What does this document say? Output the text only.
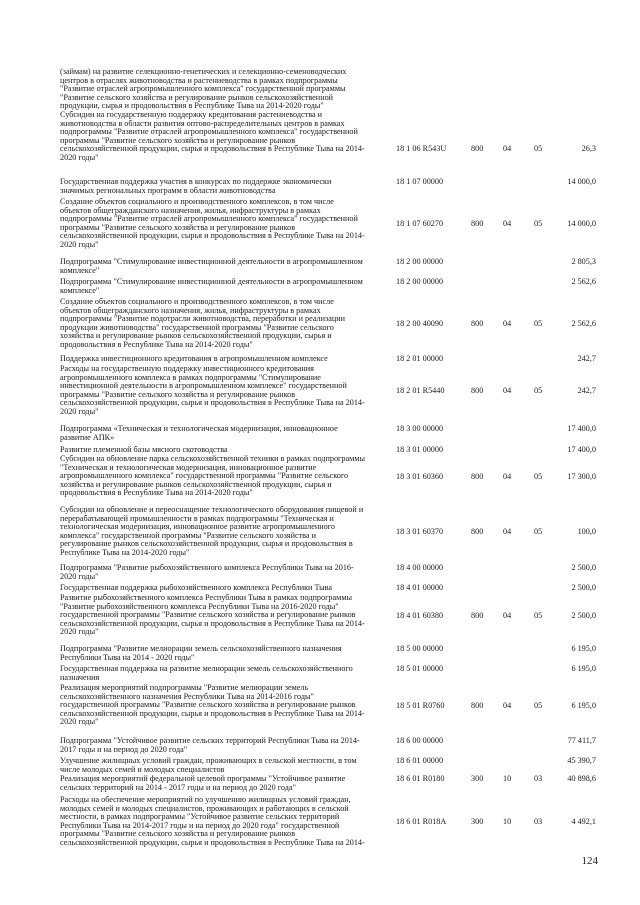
(займам) на развитие селекционно-генетических и селекционно-семеноводческих
центров в отраслях животноводства и растениеводства в рамках подпрограммы
"Развитие отраслей агропромышленного комплекса" государственной программы
"Развитие сельского хозяйства и регулирование рынков сельскохозяйственной
продукции, сырья и продовольствия в Республике Тыва на 2014-2020 годы"
Субсидии на государственную поддержку кредитования растениеводства и
животноводства в области развития оптово-распределительных центров в рамках
подпрограммы "Развитие отраслей агропромышленного комплекса" государственной
программы "Развитие сельского хозяйства и регулирование рынков
сельскохозяйственной продукции, сырья и продовольствия в Республике Тыва на 2014-
2020 годы"
18 1 06 R543U	800	04	05	26,3
Государственная поддержка участия в конкурсах по поддержке экономически
значимых региональных программ в области животноводства
18 1 07 00000	14 000,0
Создание объектов социального и производственного комплексов, в том числе
объектов общегражданского назначения, жилья, инфраструктуры в рамках
подпрограммы "Развитие отраслей агропромышленного комплекса" государственной
программы "Развитие сельского хозяйства и регулирование рынков
сельскохозяйственной продукции, сырья и продовольствия в Республике Тыва на 2014-
2020 годы"
18 1 07 60270	800	04	05	14 000,0
Подпрограмма "Стимулирование инвестиционной деятельности в агропромышленном
комплексе"
18 2 00 00000	2 805,3
Подпрограмма "Стимулирование инвестиционной деятельности в агропромышленном
комплексе"
18 2 00 00000	2 562,6
Создание объектов социального и производственного комплексов, в том числе
объектов общегражданского назначения, жилья, инфраструктуры в рамках
подпрограммы "Развитие подотрасли животноводства, переработки и реализации
продукции животноводства" государственной программы "Развитие сельского
хозяйства и регулирование рынков сельскохозяйственной продукции, сырья и
продовольствия в Республике Тыва на 2014-2020 годы"
18 2 00 40090	800	04	05	2 562,6
Поддержка инвестиционного кредитования в агропромышленном комплексе	18 2 01 00000	242,7
Расходы на государственную поддержку инвестиционного кредитования
агропромышленного комплекса в рамках подпрограммы "Стимулирование
инвестиционной деятельности в агропромышленном комплексе" государственной
программы "Развитие сельского хозяйства и регулирование рынков
сельскохозяйственной продукции, сырья и продовольствия в Республике Тыва на 2014-
2020 годы"
18 2 01 R5440	800	04	05	242,7
Подпрограмма «Техническая и технологическая модернизация, инновационное
развитие АПК»
18 3 00 00000	17 400,0
Развитие племенной базы мясного скотоводства	18 3 01 00000	17 400,0
Субсидии на обновление парка сельскохозяйственной техники в рамках подпрограммы
"Техническая и технологическая модернизация, инновационное развитие
агропромышленного комплекса" государственной программы "Развитие сельского
хозяйства и регулирование рынков сельскохозяйственной продукции, сырья и
продовольствия в Республике Тыва на 2014-2020 годы"
18 3 01 60360	800	04	05	17 300,0
Субсидии на обновление и переоснащение технологического оборудования пищевой и
перерабатывающей промышленности в рамках подпрограммы "Техническая и
технологическая модернизация, инновационное развитие агропромышленного
комплекса" государственной программы "Развитие сельского хозяйства и
регулирование рынков сельскохозяйственной продукции, сырья и продовольствия в
Республике Тыва на 2014-2020 годы"
18 3 01 60370	800	04	05	100,0
Подпрограмма "Развитие рыбохозяйственного комплекса Республики Тыва на 2016-
2020 годы"
18 4 00 00000	2 500,0
Государственная поддержка рыбохозяйственного комплекса Республики Тыва	18 4 01 00000	2 500,0
Развитие рыбохозяйственного комплекса Республики Тыва в рамках подпрограммы
"Развитие рыбохозяйственного комплекса Республики Тыва на 2016-2020 годы"
государственной программы "Развитие сельского хозяйства и регулирование рынков
сельскохозяйственной продукции, сырья и продовольствия в Республике Тыва на 2014-
2020 годы"
18 4 01 60380	800	04	05	2 500,0
Подпрограмма "Развитие мелиорации земель сельскохозяйственного назначения
Республики Тыва на 2014 - 2020 годы"
18 5 00 00000	6 195,0
Государственная поддержка на развитие мелиорации земель сельскохозяйственного
назначения
18 5 01 00000	6 195,0
Реализация мероприятий подпрограммы "Развитие мелиорации земель
сельскохозяйственного назначения Республики Тыва на 2014-2016 годы"
государственной программы "Развитие сельского хозяйства и регулирование рынков
сельскохозяйственной продукции, сырья и продовольствия в Республике Тыва на 2014-
2020 годы"
18 5 01 R0760	800	04	05	6 195,0
Подпрограмма "Устойчивое развитие сельских территорий Республики Тыва на 2014-
2017 годы и на период до 2020 года"
18 6 00 00000	77 411,7
Улучшение жилищных условий граждан, проживающих в сельской местности, в том
числе молодых семей и молодых специалистов
18 6 01 00000	45 390,7
Реализация мероприятий федеральной целевой программы "Устойчивое развитие
сельских территорий на 2014 - 2017 годы и на период до 2020 года"
18 6 01 R0180	300	10	03	40 898,6
Расходы на обеспечение мероприятий по улучшению жилищных условий граждан,
молодых семей и молодых специалистов, проживающих и работающих в сельской
местности, в рамках подпрограммы "Устойчивое развитие сельских территорий
Республики Тыва на 2014-2017 годы и на период до 2020 года" государственной
программы "Развитие сельского хозяйства и регулирование рынков
сельскохозяйственной продукции, сырья и продовольствия в Республике Тыва на 2014-
18 6 01 R018A	300	10	03	4 492,1
124
